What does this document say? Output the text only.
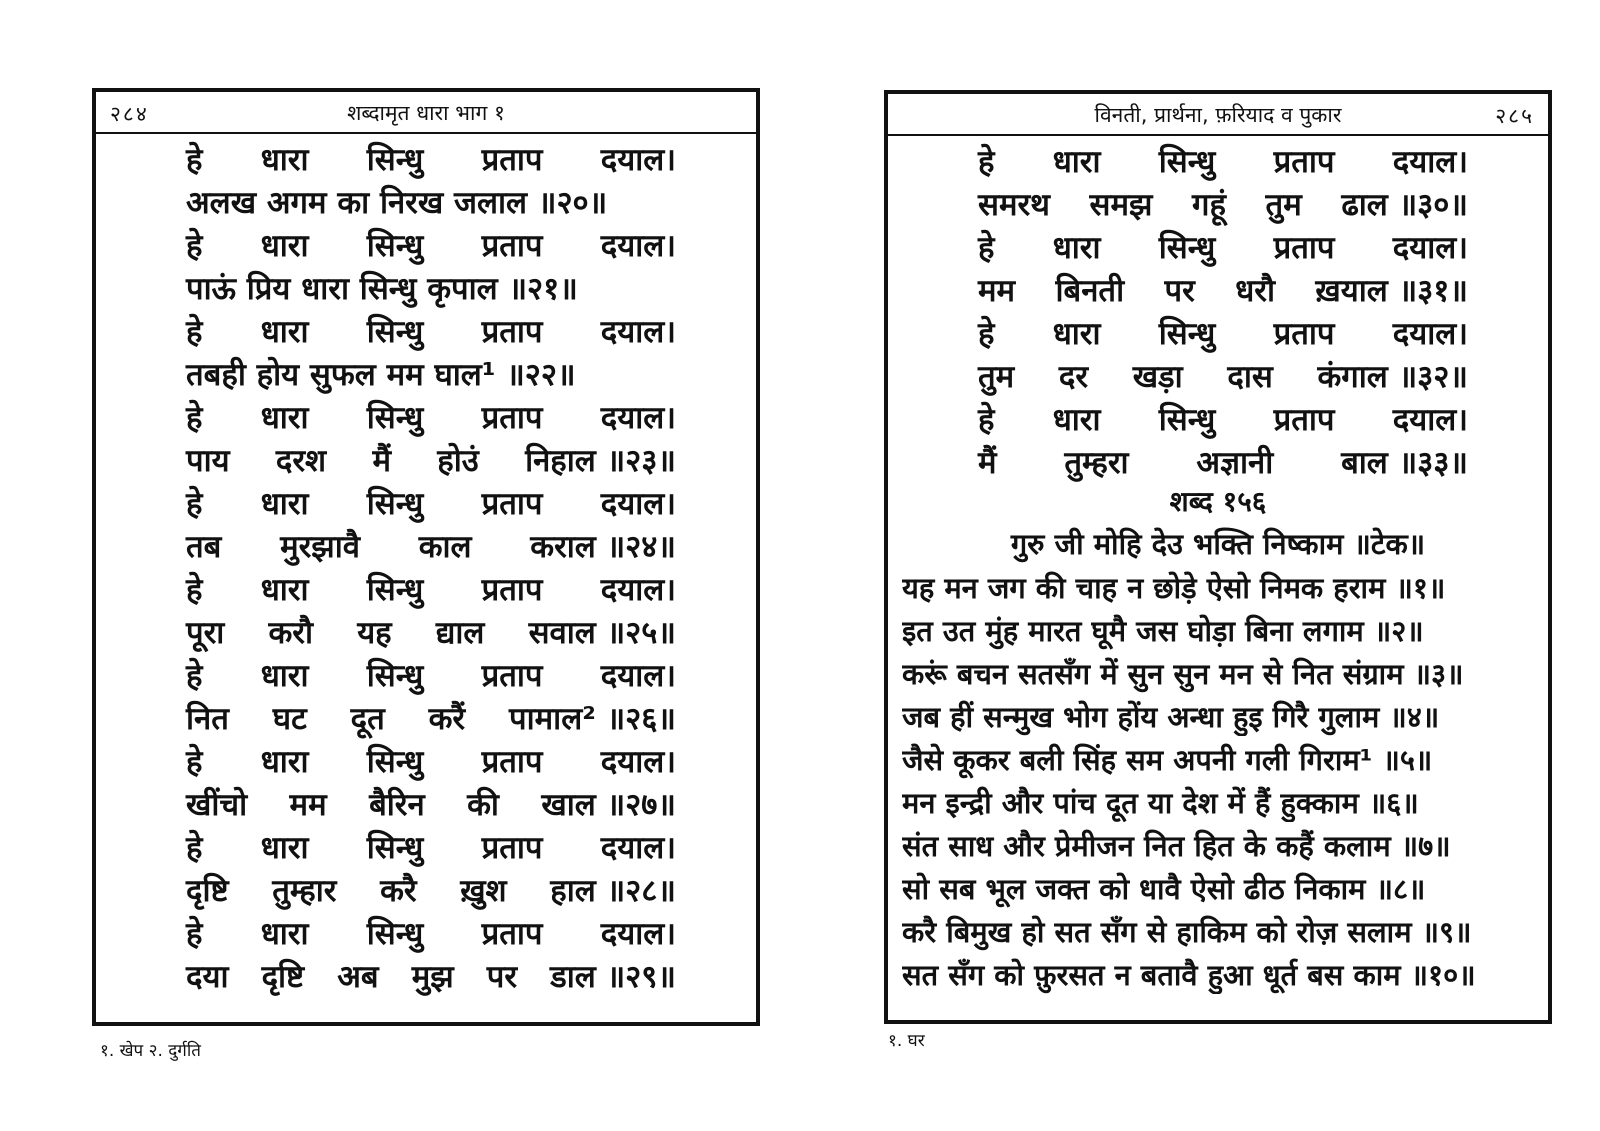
२८४	शब्दामृत धारा भाग १
हे धारा सिन्धु प्रताप दयाल।
अलख अगम का निरख जलाल ॥२०॥
हे धारा सिन्धु प्रताप दयाल।
पाऊं प्रिय धारा सिन्धु कृपाल ॥२१॥
हे धारा सिन्धु प्रताप दयाल।
तबही होय सुफल मम घाल¹ ॥२२॥
हे धारा सिन्धु प्रताप दयाल।
पाय दरश मैं होउं निहाल ॥२३॥
हे धारा सिन्धु प्रताप दयाल।
तब मुरझावै काल कराल ॥२४॥
हे धारा सिन्धु प्रताप दयाल।
पूरा करौ यह द्याल सवाल ॥२५॥
हे धारा सिन्धु प्रताप दयाल।
नित घट दूत करैं पामाल² ॥२६॥
हे धारा सिन्धु प्रताप दयाल।
खींचो मम बैरिन की खाल ॥२७॥
हे धारा सिन्धु प्रताप दयाल।
दृष्टि तुम्हार करै ख़ुश हाल ॥२८॥
हे धारा सिन्धु प्रताप दयाल।
दया दृष्टि अब मुझ पर डाल ॥२९॥
१. खेप २. दुर्गति
विनती, प्रार्थना, फ़रियाद व पुकार	२८५
शब्द १५६
गुरु जी मोहि देउ भक्ति निष्काम ॥टेक॥
हे धारा सिन्धु प्रताप दयाल।
समरथ समझ गहूं तुम ढाल ॥३०॥
हे धारा सिन्धु प्रताप दयाल।
मम बिनती पर धरौ ख़याल ॥३१॥
हे धारा सिन्धु प्रताप दयाल।
तुम दर खड़ा दास कंगाल ॥३२॥
हे धारा सिन्धु प्रताप दयाल।
मैं तुम्हरा अज्ञानी बाल ॥३३॥
यह मन जग की चाह न छोड़े ऐसो निमक हराम ॥१॥
इत उत मुंह मारत घूमै जस घोड़ा बिना लगाम ॥२॥
करूं बचन सतसँग में सुन सुन मन से नित संग्राम ॥३॥
जब हीं सन्मुख भोग होंय अन्धा हुइ गिरै गुलाम ॥४॥
जैसे कूकर बली सिंह सम अपनी गली गिराम¹ ॥५॥
मन इन्द्री और पांच दूत या देश में हैं हुक्काम ॥६॥
संत साध और प्रेमीजन नित हित के कहैं कलाम ॥७॥
सो सब भूल जक्त को धावै ऐसो ढीठ निकाम ॥८॥
करै बिमुख हो सत सँग से हाकिम को रोज़ सलाम ॥९॥
सत सँग को फ़ुरसत न बतावै हुआ धूर्त बस काम ॥१०॥
१. घर
